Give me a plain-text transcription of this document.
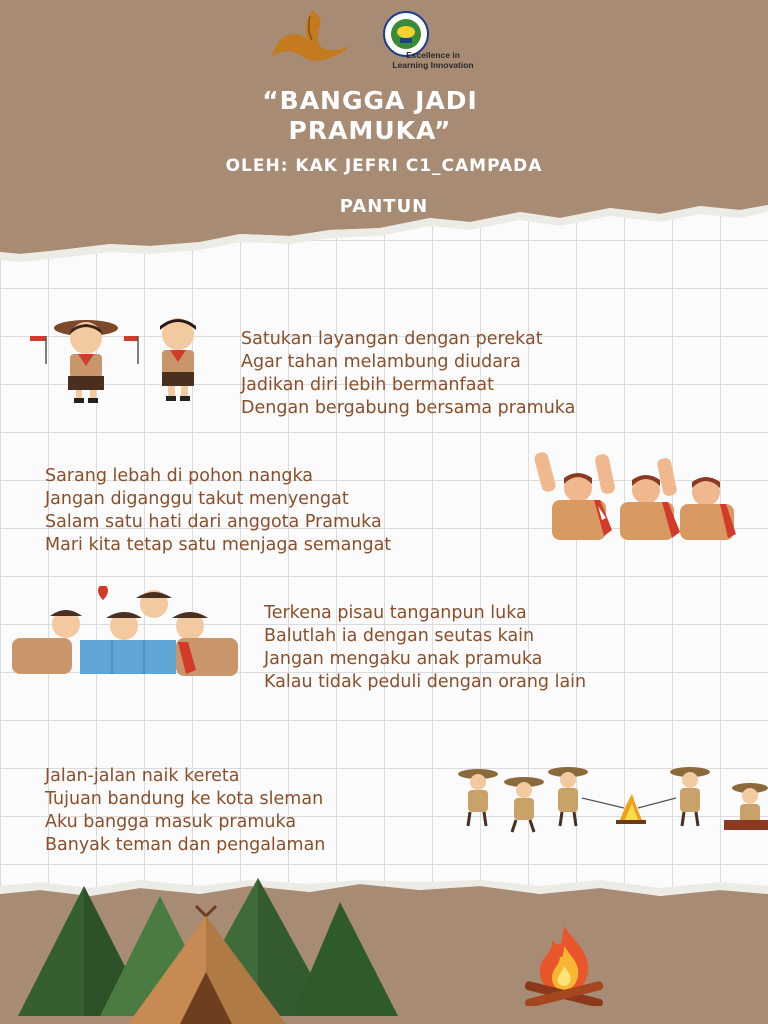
Excellence in
Learning Innovation
“BANGGA JADI
PRAMUKA”
OLEH: KAK JEFRI C1_CAMPADA
PANTUN
Satukan layangan dengan perekat
Agar tahan melambung diudara
Jadikan diri lebih bermanfaat
Dengan bergabung bersama pramuka
Sarang lebah di pohon nangka
Jangan diganggu takut menyengat
Salam satu hati dari anggota Pramuka
Mari kita tetap satu menjaga semangat
Terkena pisau tanganpun luka
Balutlah ia dengan seutas kain
Jangan mengaku anak pramuka
Kalau tidak peduli dengan orang lain
Jalan-jalan naik kereta
Tujuan bandung ke kota sleman
Aku bangga masuk pramuka
Banyak teman dan pengalaman
